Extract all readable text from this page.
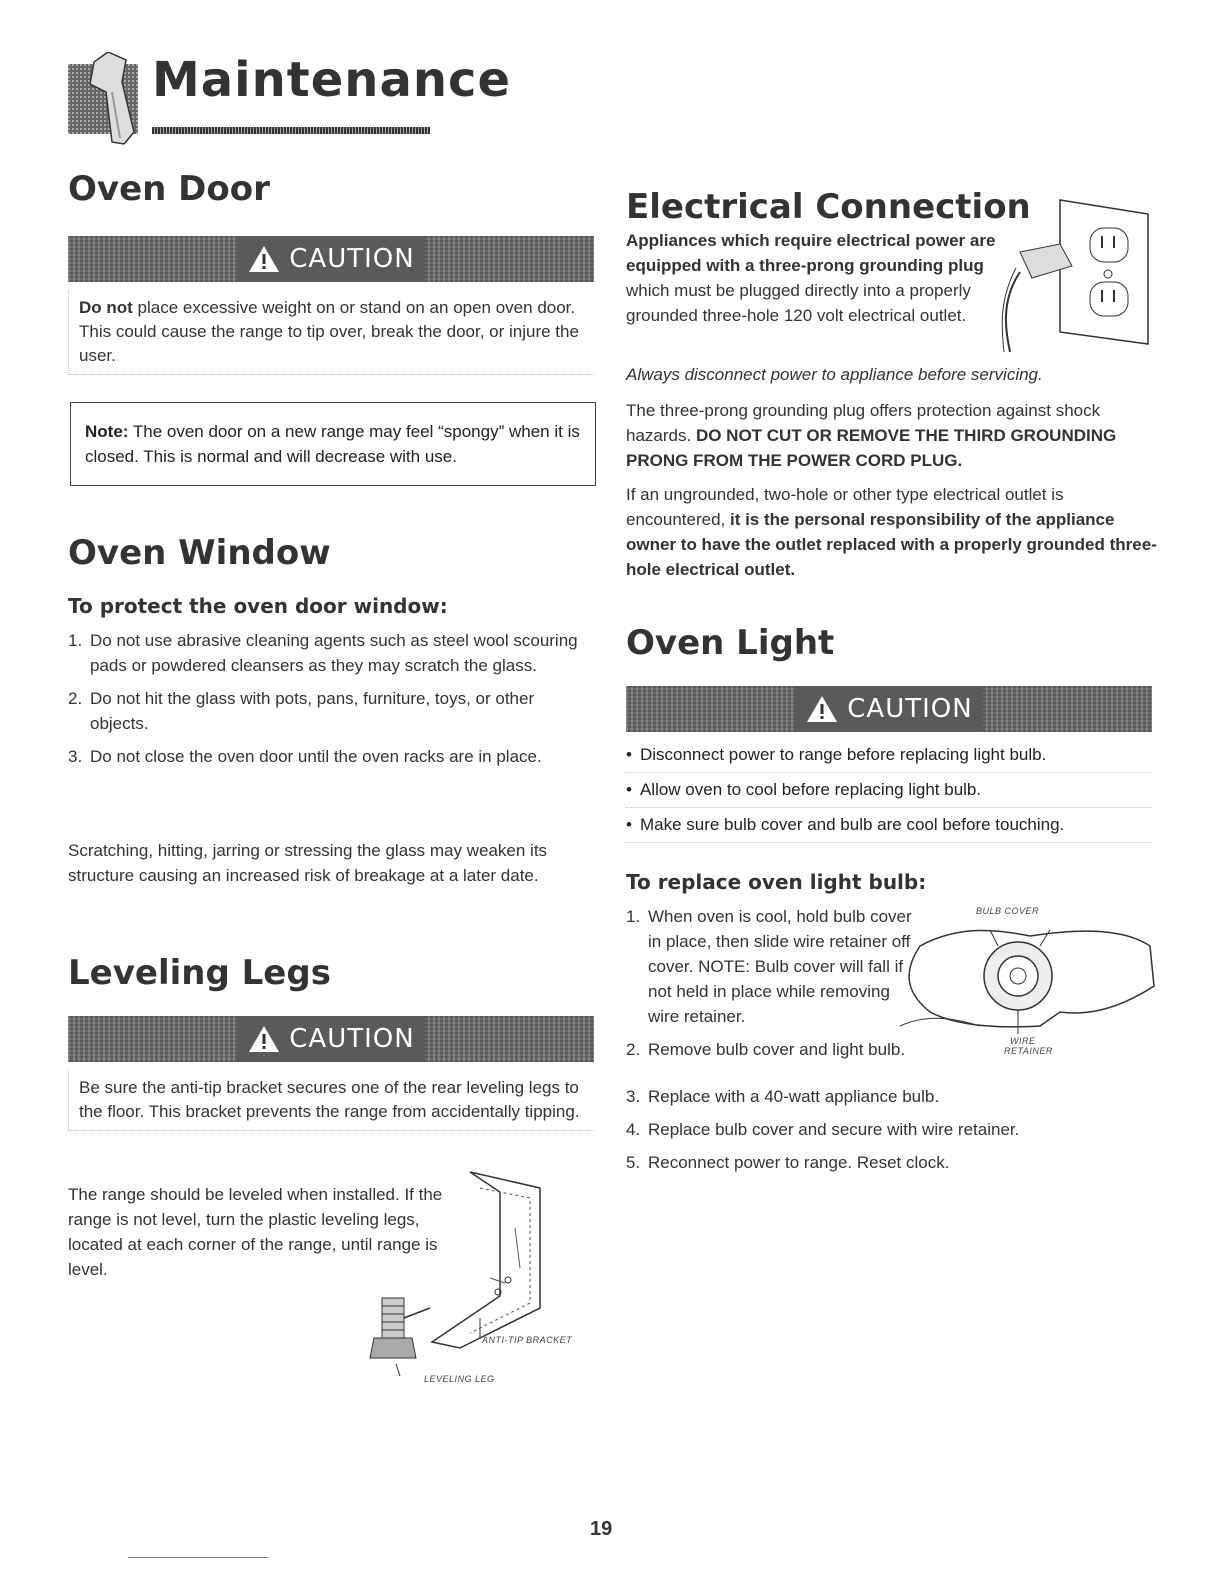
Maintenance
Oven Door
CAUTION
Do not place excessive weight on or stand on an open oven door. This could cause the range to tip over, break the door, or injure the user.
Note: The oven door on a new range may feel “spongy” when it is closed. This is normal and will decrease with use.
Oven Window
To protect the oven door window:
1. Do not use abrasive cleaning agents such as steel wool scouring pads or powdered cleansers as they may scratch the glass.
2. Do not hit the glass with pots, pans, furniture, toys, or other objects.
3. Do not close the oven door until the oven racks are in place.
Scratching, hitting, jarring or stressing the glass may weaken its structure causing an increased risk of breakage at a later date.
Leveling Legs
CAUTION
Be sure the anti-tip bracket secures one of the rear leveling legs to the floor. This bracket prevents the range from accidentally tipping.
The range should be leveled when installed. If the range is not level, turn the plastic leveling legs, located at each corner of the range, until range is level.
ANTI-TIP BRACKET
LEVELING LEG
Electrical Connection
Appliances which require electrical power are equipped with a three-prong grounding plug which must be plugged directly into a properly grounded three-hole 120 volt electrical outlet.
Always disconnect power to appliance before servicing.
The three-prong grounding plug offers protection against shock hazards. DO NOT CUT OR REMOVE THE THIRD GROUNDING PRONG FROM THE POWER CORD PLUG.
If an ungrounded, two-hole or other type electrical outlet is encountered, it is the personal responsibility of the appliance owner to have the outlet replaced with a properly grounded three-hole electrical outlet.
Oven Light
CAUTION
• Disconnect power to range before replacing light bulb.
• Allow oven to cool before replacing light bulb.
• Make sure bulb cover and bulb are cool before touching.
To replace oven light bulb:
1. When oven is cool, hold bulb cover in place, then slide wire retainer off cover. NOTE: Bulb cover will fall if not held in place while removing wire retainer.
2. Remove bulb cover and light bulb.
3. Replace with a 40-watt appliance bulb.
4. Replace bulb cover and secure with wire retainer.
5. Reconnect power to range. Reset clock.
BULB COVER
WIRE
RETAINER
19
